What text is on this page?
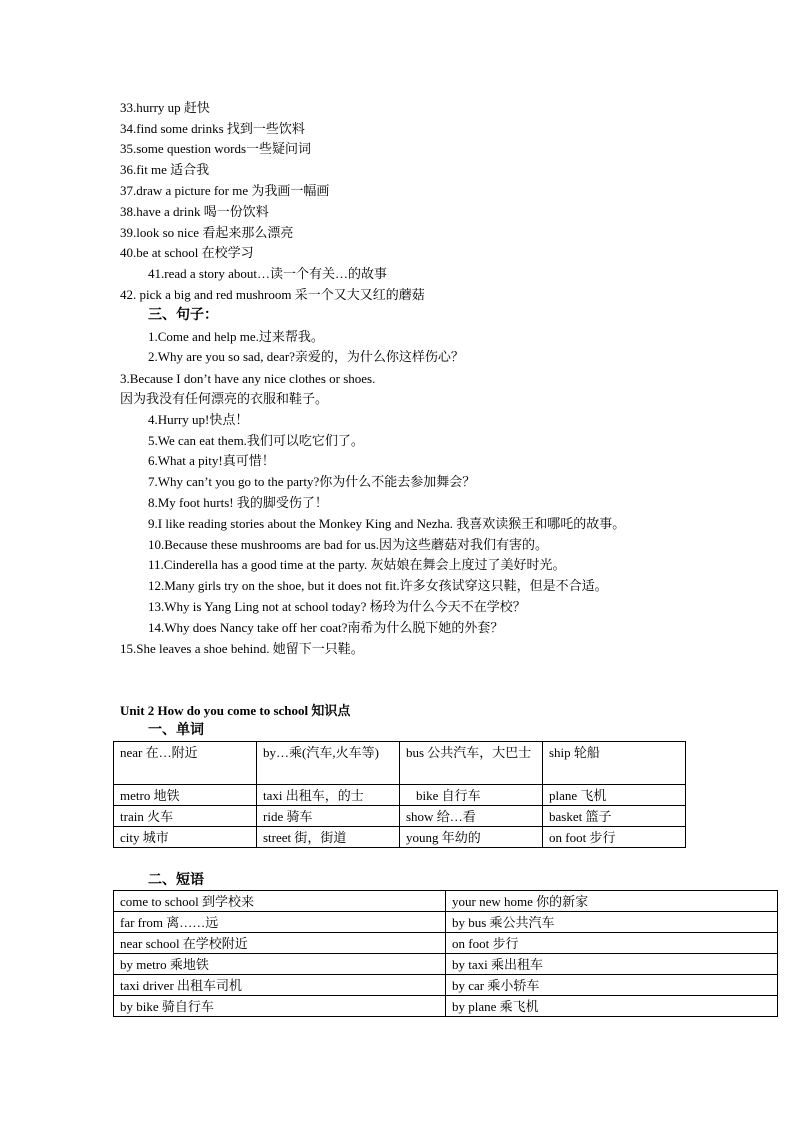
33.hurry up 赶快
34.find some drinks 找到一些饮料
35.some question words一些疑问词
36.fit me 适合我
37.draw a picture for me 为我画一幅画
38.have a drink 喝一份饮料
39.look so nice 看起来那么漂亮
40.be at school 在校学习
41.read a story about…读一个有关…的故事
42. pick a big and red mushroom 采一个又大又红的蘑菇
三、句子：
1.Come and help me.过来帮我。
2.Why are you so sad, dear?亲爱的，为什么你这样伤心？
3.Because I don’t have any nice clothes or shoes.
因为我没有任何漂亮的衣服和鞋子。
4.Hurry up!快点！
5.We can eat them.我们可以吃它们了。
6.What a pity!真可惜！
7.Why can’t you go to the party?你为什么不能去参加舞会？
8.My foot hurts! 我的脚受伤了！
9.I like reading stories about the Monkey King and Nezha. 我喜欢读猴王和哪吒的故事。
10.Because these mushrooms are bad for us.因为这些蘑菇对我们有害的。
11.Cinderella has a good time at the party. 灰姑娘在舞会上度过了美好时光。
12.Many girls try on the shoe, but it does not fit.许多女孩试穿这只鞋，但是不合适。
13.Why is Yang Ling not at school today? 杨玲为什么今天不在学校？
14.Why does Nancy take off her coat?南希为什么脱下她的外套？
15.She leaves a shoe behind. 她留下一只鞋。
Unit 2 How do you come to school 知识点
一、单词
near 在…附近	by…乘(汽车,火车等)	bus 公共汽车，大巴士	ship 轮船
metro 地铁	taxi 出租车，的士	bike 自行车	plane 飞机
train 火车	ride 骑车	show 给…看	basket 篮子
city 城市	street 街，街道	young 年幼的	on foot 步行
二、短语
come to school 到学校来	your new home 你的新家
far from 离……远	by bus 乘公共汽车
near school 在学校附近	on foot 步行
by metro 乘地铁	by taxi 乘出租车
taxi driver 出租车司机	by car 乘小轿车
by bike 骑自行车	by plane 乘飞机
